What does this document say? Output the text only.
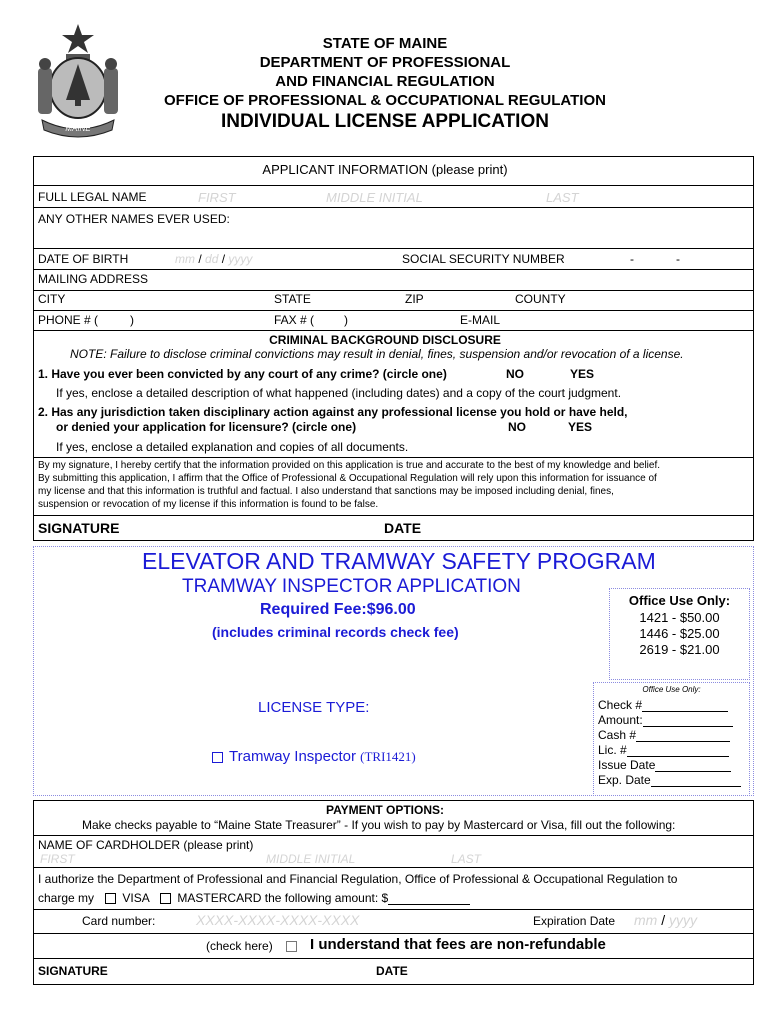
MAINE
STATE OF MAINE
DEPARTMENT OF PROFESSIONAL
AND FINANCIAL REGULATION
OFFICE OF PROFESSIONAL & OCCUPATIONAL REGULATION
INDIVIDUAL LICENSE APPLICATION
APPLICANT INFORMATION (please print)
FULL LEGAL NAME	FIRST	MIDDLE INITIAL	LAST
ANY OTHER NAMES EVER USED:
DATE OF BIRTH	mm / dd / yyyy	SOCIAL SECURITY NUMBER	-	-
MAILING ADDRESS
CITY	STATE	ZIP	COUNTY
PHONE # (	)	FAX # ( )	E-MAIL
CRIMINAL BACKGROUND DISCLOSURE
NOTE: Failure to disclose criminal convictions may result in denial, fines, suspension and/or revocation of a license.
1. Have you ever been convicted by any court of any crime? (circle one)	NO	YES
If yes, enclose a detailed description of what happened (including dates) and a copy of the court judgment.
2. Has any jurisdiction taken disciplinary action against any professional license you hold or have held,
or denied your application for licensure? (circle one)	NO	YES
If yes, enclose a detailed explanation and copies of all documents.
By my signature, I hereby certify that the information provided on this application is true and accurate to the best of my knowledge and belief.
By submitting this application, I affirm that the Office of Professional & Occupational Regulation will rely upon this information for issuance of
my license and that this information is truthful and factual. I also understand that sanctions may be imposed including denial, fines,
suspension or revocation of my license if this information is found to be false.
SIGNATURE	DATE
ELEVATOR AND TRAMWAY SAFETY PROGRAM
TRAMWAY INSPECTOR APPLICATION
Required Fee:$96.00
(includes criminal records check fee)
LICENSE TYPE:
Tramway Inspector (TRI1421)
Office Use Only:
1421 - $50.00
1446 - $25.00
2619 - $21.00
Office Use Only:
Check #
Amount:
Cash #
Lic. #
Issue Date
Exp. Date
PAYMENT OPTIONS:
Make checks payable to “Maine State Treasurer” - If you wish to pay by Mastercard or Visa, fill out the following:
NAME OF CARDHOLDER (please print)
FIRST	MIDDLE INITIAL	LAST
I authorize the Department of Professional and Financial Regulation, Office of Professional & Occupational Regulation to
charge my VISA MASTERCARD the following amount: $
Card number:	XXXX-XXXX-XXXX-XXXX	Expiration Date mm / yyyy
(check here) I understand that fees are non-refundable
SIGNATURE	DATE
